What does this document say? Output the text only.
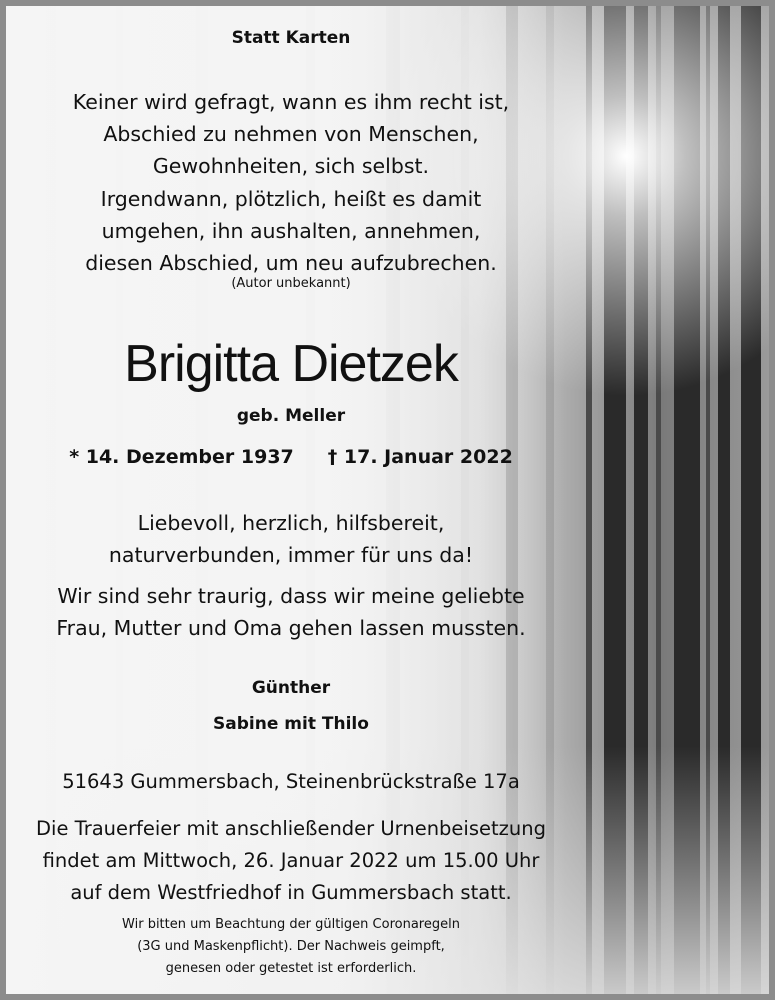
Statt Karten
Keiner wird gefragt, wann es ihm recht ist,
Abschied zu nehmen von Menschen,
Gewohnheiten, sich selbst.
Irgendwann, plötzlich, heißt es damit
umgehen, ihn aushalten, annehmen,
diesen Abschied, um neu aufzubrechen.
(Autor unbekannt)
Brigitta Dietzek
geb. Meller
* 14. Dezember 1937 † 17. Januar 2022
Liebevoll, herzlich, hilfsbereit,
naturverbunden, immer für uns da!
Wir sind sehr traurig, dass wir meine geliebte
Frau, Mutter und Oma gehen lassen mussten.
Günther
Sabine mit Thilo
51643 Gummersbach, Steinenbrückstraße 17a
Die Trauerfeier mit anschließender Urnenbeisetzung
findet am Mittwoch, 26. Januar 2022 um 15.00 Uhr
auf dem Westfriedhof in Gummersbach statt.
Wir bitten um Beachtung der gültigen Coronaregeln
(3G und Maskenpflicht). Der Nachweis geimpft,
genesen oder getestet ist erforderlich.
